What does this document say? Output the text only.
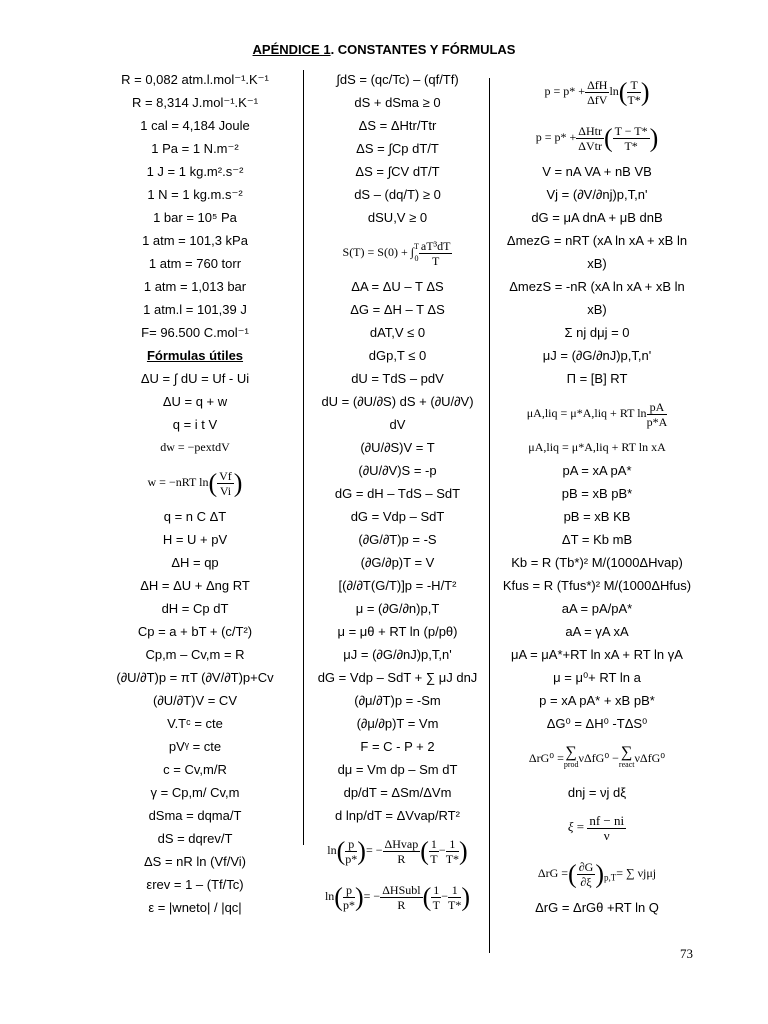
APÉNDICE 1. CONSTANTES Y FÓRMULAS
R = 0,082 atm.l.mol⁻¹.K⁻¹
R = 8,314 J.mol⁻¹.K⁻¹
1 cal = 4,184 Joule
1 Pa = 1 N.m⁻²
1 J = 1 kg.m².s⁻²
1 N = 1 kg.m.s⁻²
1 bar = 10⁵ Pa
1 atm = 101,3 kPa
1 atm = 760 torr
1 atm = 1,013 bar
1 atm.l = 101,39 J
F= 96.500 C.mol⁻¹
Fórmulas útiles
ΔU = ∫ dU = Uf - Ui
ΔU = q + w
q = i t V
dw = −pextdV
w = −nRT $\ln( \frac{Vf}{Vi}$ )
q = n C ΔT
H = U + pV
ΔH = qp
ΔH = ΔU + Δng RT
dH = Cp dT
Cp = a + bT + (c/T²)
Cp,m – Cv,m = R
(∂U/∂T)p = πT (∂V/∂T)p+Cv
(∂U/∂T)V = CV
V.Tᶜ = cte
pVᵞ = cte
c = Cv,m/R
γ = Cp,m/ Cv,m
dSma = dqma/T
dS = dqrev/T
ΔS = nR ln (Vf/Vi)
εrev = 1 – (Tf/Tc)
ε = |wneto| / |qc|
∫dS = (qc/Tc) – (qf/Tf)
dS + dSma ≥ 0
ΔS = ΔHtr/Ttr
ΔS = ∫Cp dT/T
ΔS = ∫CV dT/T
dS – (dq/T) ≥ 0
dSU,V ≥ 0
S(T) = S(0) + ∫ T
$0 \frac{\text{aT³dT}}{T}$
ΔA = ΔU – T ΔS
ΔG = ΔH – T ΔS
dAT,V ≤ 0
dGp,T ≤ 0
dU = TdS – pdV
dU = (∂U/∂S) dS + (∂U/∂V)
dV
(∂U/∂S)V = T
(∂U/∂V)S = -p
dG = dH – TdS – SdT
dG = Vdp – SdT
(∂G/∂T)p = -S
(∂G/∂p)T = V
[(∂/∂T(G/T)]p = -H/T²
μ = (∂G/∂n)p,T
μ = μθ + RT ln (p/pθ)
μJ = (∂G/∂nJ)p,T,n'
dG = Vdp – SdT + ∑ μJ dnJ
(∂μ/∂T)p = -Sm
(∂μ/∂p)T = Vm
F = C - P + 2
dμ = Vm dp – Sm dT
dp/dT = ΔSm/ΔVm
d lnp/dT = ΔVvap/RT²
$\ln( \frac{p}{p*}$ )= − $\frac{\text{ΔHvap}}{R}$ ( $\frac{1}{T} - \frac{1}{T*}$ )
$\ln( \frac{p}{p*}$ )= − $\frac{\text{ΔHSubl}}{R}$ ( $\frac{1}{T} - \frac{1}{T*}$ )
$p = p* + \frac{\text{ΔfH}}{\text{ΔfV}} \ln( \frac{T}{T*}$ )
$p = p* + \frac{\text{ΔHtr}}{\text{ΔVtr}}$ ( $\frac{T - T*}{T*}$ )
V = nA VA + nB VB
Vj = (∂V/∂nj)p,T,n'
dG = μA dnA + μB dnB
ΔmezG = nRT (xA ln xA + xB ln
xB)
ΔmezS = -nR (xA ln xA + xB ln
xB)
Σ nj dμj = 0
μJ = (∂G/∂nJ)p,T,n'
Π = [B] RT
μA,liq = μ*A,liq + RT $\ln \frac{pA}{p*A}$
μA,liq = μ*A,liq + RT ln xA
pA = xA pA*
pB = xB pB*
pB = xB KB
ΔT = Kb mB
Kb = R (Tb*)² M/(1000ΔHvap)
Kfus = R (Tfus*)² M/(1000ΔHfus)
aA = pA/pA*
aA = γA xA
μA = μA*+RT ln xA + RT ln γA
μ = μ⁰+ RT ln a
p = xA pA* + xB pB*
ΔG⁰ = ΔH⁰ -TΔS⁰
ΔrG⁰ = ∑
prod νΔfG⁰ − ∑
react νΔfG⁰
dnj = νj dξ
$\xi = \frac{nf - ni}{\nu}$
ΔrG =( $\frac{\partial G}{\partial\xi} )_{p,T}=$ ∑ νjμj
ΔrG = ΔrGθ +RT ln Q
73
